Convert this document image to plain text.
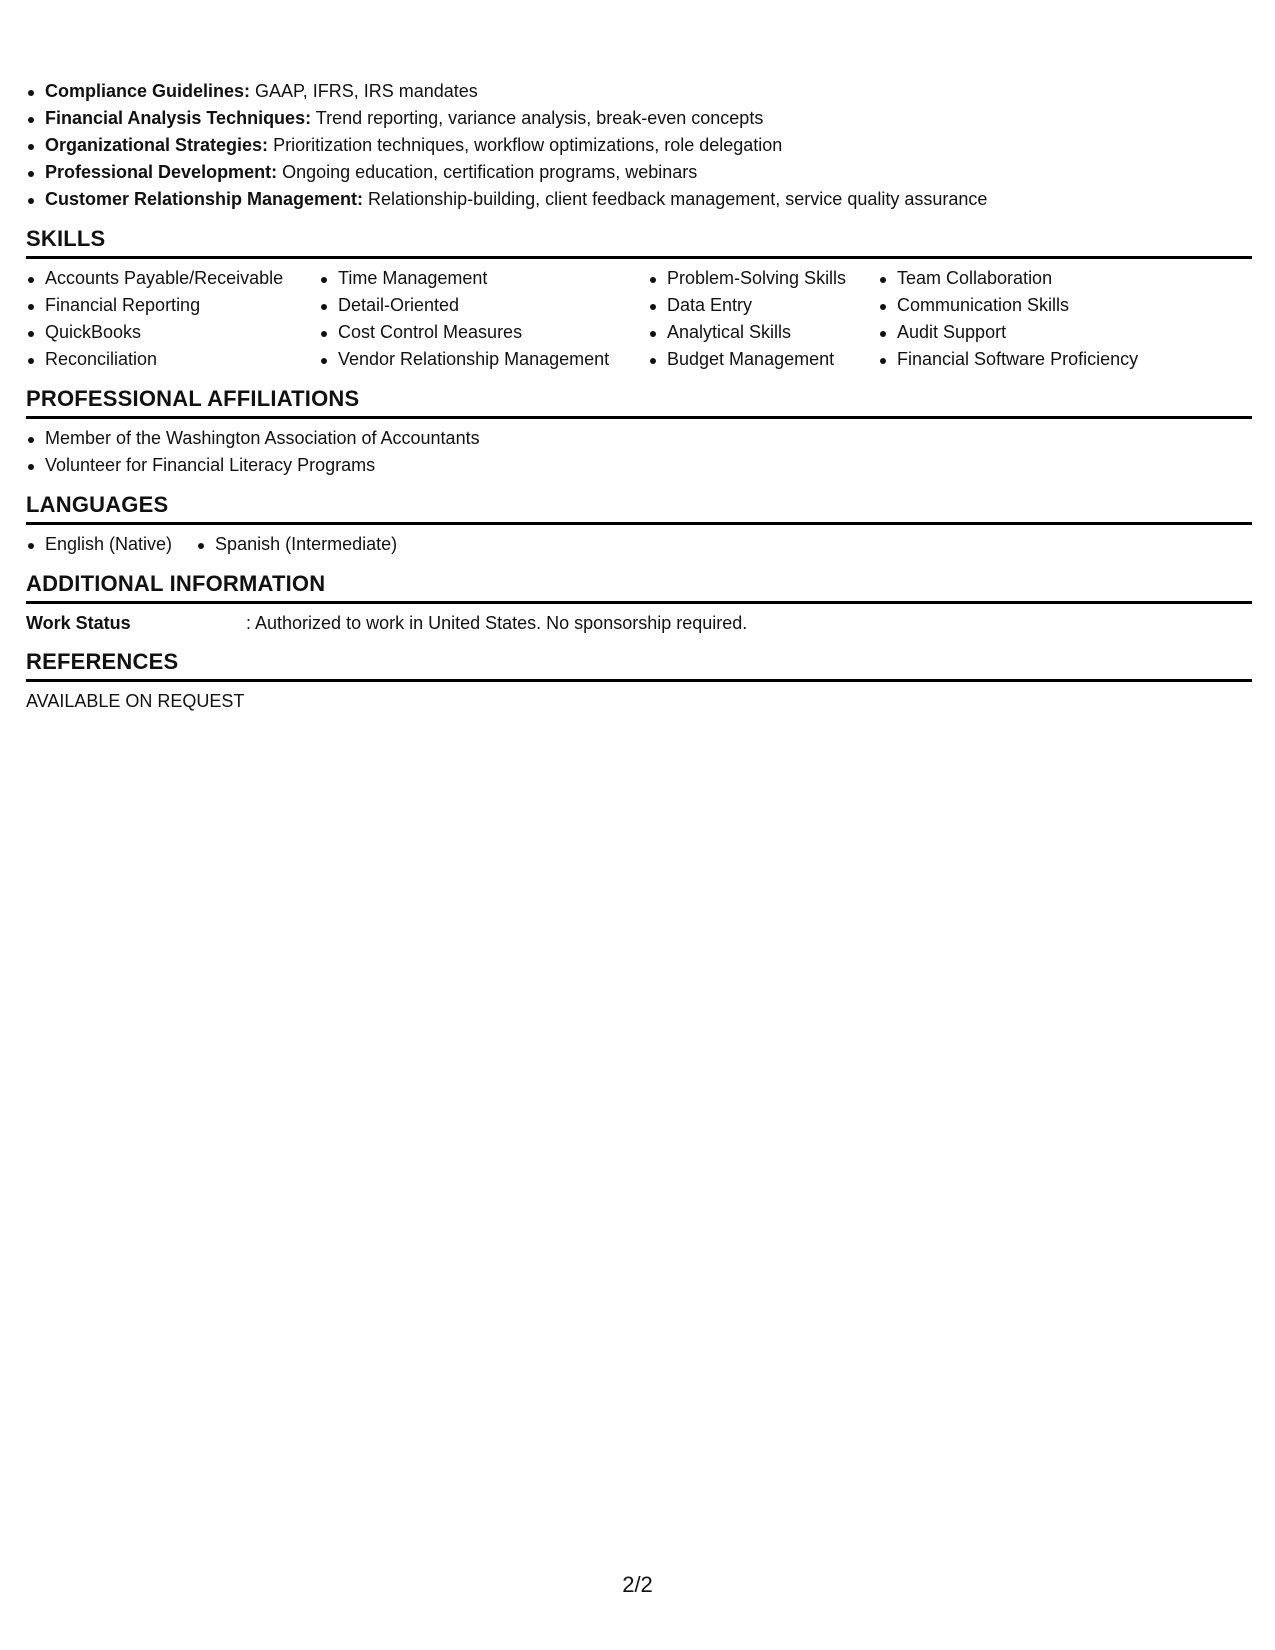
Compliance Guidelines: GAAP, IFRS, IRS mandates
Financial Analysis Techniques: Trend reporting, variance analysis, break-even concepts
Organizational Strategies: Prioritization techniques, workflow optimizations, role delegation
Professional Development: Ongoing education, certification programs, webinars
Customer Relationship Management: Relationship-building, client feedback management, service quality assurance
SKILLS
Accounts Payable/Receivable
Financial Reporting
QuickBooks
Reconciliation
Time Management
Detail-Oriented
Cost Control Measures
Vendor Relationship Management
Problem-Solving Skills
Data Entry
Analytical Skills
Budget Management
Team Collaboration
Communication Skills
Audit Support
Financial Software Proficiency
PROFESSIONAL AFFILIATIONS
Member of the Washington Association of Accountants
Volunteer for Financial Literacy Programs
LANGUAGES
English (Native)	Spanish (Intermediate)
ADDITIONAL INFORMATION
Work Status	: Authorized to work in United States. No sponsorship required.
REFERENCES
AVAILABLE ON REQUEST
2/2
